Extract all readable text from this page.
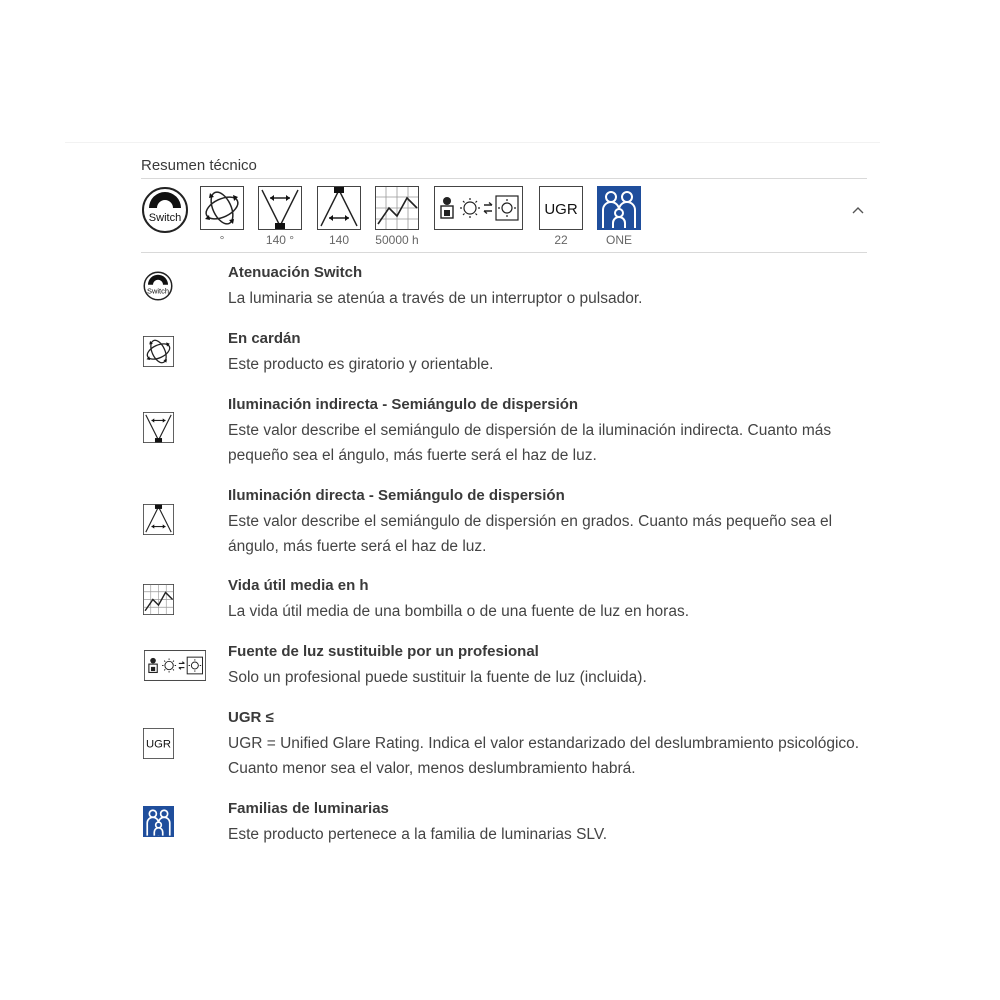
Resumen técnico
Switch
°	140 °	140	50000 h
UGR
22	ONE
Switch
Atenuación Switch
La luminaria se atenúa a través de un interruptor o pulsador.
En cardán
Este producto es giratorio y orientable.
Iluminación indirecta - Semiángulo de dispersión
Este valor describe el semiángulo de dispersión de la iluminación indirecta. Cuanto más pequeño sea el ángulo, más fuerte será el haz de luz.
Iluminación directa - Semiángulo de dispersión
Este valor describe el semiángulo de dispersión en grados. Cuanto más pequeño sea el ángulo, más fuerte será el haz de luz.
Vida útil media en h
La vida útil media de una bombilla o de una fuente de luz en horas.
Fuente de luz sustituible por un profesional
Solo un profesional puede sustituir la fuente de luz (incluida).
UGR
UGR ≤
UGR = Unified Glare Rating. Indica el valor estandarizado del deslumbramiento psicológico. Cuanto menor sea el valor, menos deslumbramiento habrá.
Familias de luminarias
Este producto pertenece a la familia de luminarias SLV.
